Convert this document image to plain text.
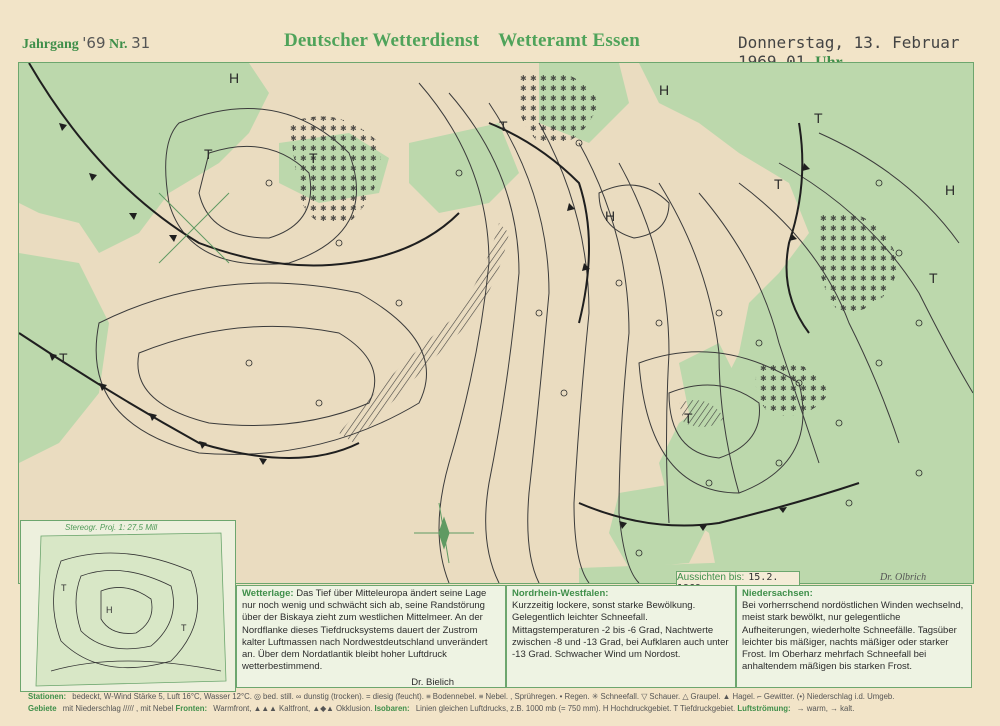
Jahrgang '69 Nr. 31	Deutscher Wetterdienst Wetteramt Essen	Donnerstag, 13. Februar
H
H
H
H
T	T
T	T
T
T
T
T
Stereogr. Proj. 1: 27,5 Mill
H
T
T
Aussichten bis: 15.2.	Dr. Olbrich
Wetterlage: Das Tief über Mitteleuropa ändert seine Lage nur noch wenig und schwächt sich ab, seine Randstörung über der Biskaya zieht zum westlichen Mittelmeer. An der Nordflanke dieses Tiefdrucksystems dauert der Zustrom kalter Luftmassen nach Nordwestdeutschland unverändert an. Über dem Nordatlantik bleibt hoher Luftdruck wetterbestimmend.
Dr. Bielich
Nordrhein-Westfalen:
Kurzzeitig lockere, sonst starke Bewölkung. Gelegentlich leichter Schneefall. Mittagstemperaturen -2 bis -6 Grad, Nachtwerte zwischen -8 und -13 Grad, bei Aufklaren auch unter -13 Grad. Schwacher Wind um Nordost.
Niedersachsen:
Bei vorherrschend nordöstlichen Winden wechselnd, meist stark bewölkt, nur gelegentliche Aufheiterungen, wiederholte Schneefälle. Tagsüber leichter bis mäßiger, nachts mäßiger oder starker Frost. Im Oberharz mehrfach Schneefall bei anhaltendem mäßigen bis starken Frost.
Stationen: bedeckt, W-Wind Stärke 5, Luft 16°C, Wasser 12°C. ◎ bed. still. ∞ dunstig (trocken). = diesig (feucht). ≡ Bodennebel. ≡ Nebel. , Sprühregen. • Regen. ✳ Schneefall. ▽ Schauer. △ Graupel. ▲ Hagel. ⌐ Gewitter. (•) Niederschlag i.d. Umgeb.
Gebiete mit Niederschlag ///// , mit Nebel Fronten: Warmfront, ▲▲▲ Kaltfront, ▲◆▲ Okklusion. Isobaren: Linien gleichen Luftdrucks, z.B. 1000 mb (= 750 mm). H Hochdruckgebiet. T Tiefdruckgebiet. Luftströmung: → warm, → kalt.
